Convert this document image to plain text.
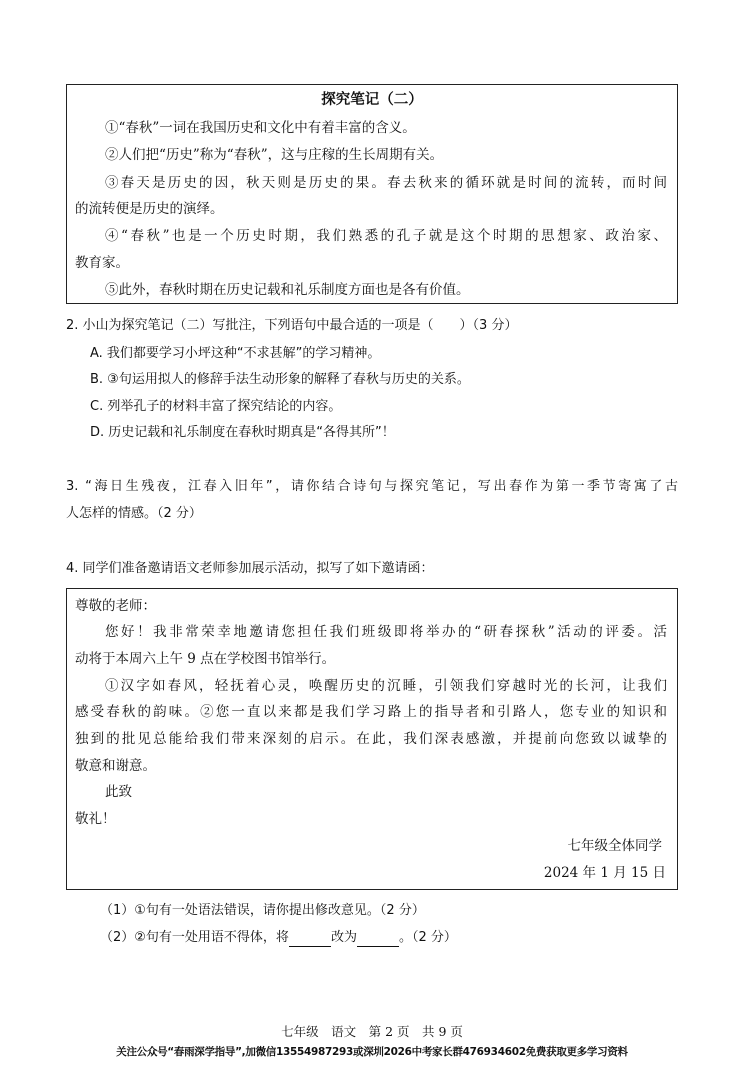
探究笔记（二）
①“春秋”一词在我国历史和文化中有着丰富的含义。
②人们把“历史”称为“春秋”，这与庄稼的生长周期有关。
③春天是历史的因，秋天则是历史的果。春去秋来的循环就是时间的流转，而时间
的流转便是历史的演绎。
④“春秋”也是一个历史时期，我们熟悉的孔子就是这个时期的思想家、政治家、
教育家。
⑤此外，春秋时期在历史记载和礼乐制度方面也是各有价值。
2. 小山为探究笔记（二）写批注，下列语句中最合适的一项是（　　）（3 分）
A. 我们都要学习小坪这种“不求甚解”的学习精神。
B. ③句运用拟人的修辞手法生动形象的解释了春秋与历史的关系。
C. 列举孔子的材料丰富了探究结论的内容。
D. 历史记载和礼乐制度在春秋时期真是“各得其所”！
3. “海日生残夜，江春入旧年”，请你结合诗句与探究笔记，写出春作为第一季节寄寓了古
人怎样的情感。（2 分）
4. 同学们准备邀请语文老师参加展示活动，拟写了如下邀请函：
尊敬的老师：
您好！我非常荣幸地邀请您担任我们班级即将举办的“研春探秋”活动的评委。活
动将于本周六上午 9 点在学校图书馆举行。
①汉字如春风，轻抚着心灵，唤醒历史的沉睡，引领我们穿越时光的长河，让我们
感受春秋的韵味。②您一直以来都是我们学习路上的指导者和引路人，您专业的知识和
独到的批见总能给我们带来深刻的启示。在此，我们深表感激，并提前向您致以诚挚的
敬意和谢意。
此致
敬礼！
七年级全体同学
2024 年 1 月 15 日
（1）①句有一处语法错误，请你提出修改意见。（2 分）
（2）②句有一处用语不得体，将	改为	。（2 分）
七年级　语文　第 2 页　共 9 页
关注公众号“春雨深学指导”,加微信13554987293或深圳2026中考家长群476934602免费获取更多学习资料
